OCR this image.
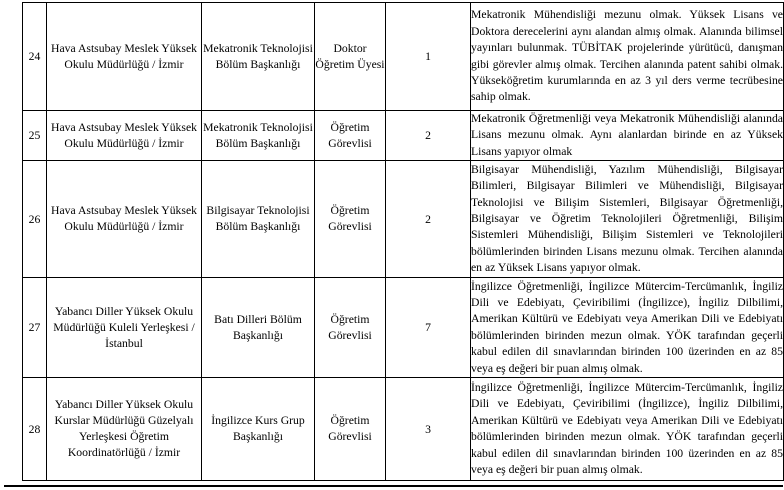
24	Hava Astsubay Meslek Yüksek Okulu Müdürlüğü / İzmir	Mekatronik Teknolojisi Bölüm Başkanlığı	Doktor Öğretim Üyesi	1	Mekatronik Mühendisliği mezunu olmak. Yüksek Lisans ve Doktora derecelerini aynı alandan almış olmak. Alanında bilimsel yayınları bulunmak. TÜBİTAK projelerinde yürütücü, danışman gibi görevler almış olmak. Tercihen alanında patent sahibi olmak. Yükseköğretim kurumlarında en az 3 yıl ders verme tecrübesine sahip olmak.
25	Hava Astsubay Meslek Yüksek Okulu Müdürlüğü / İzmir	Mekatronik Teknolojisi Bölüm Başkanlığı	Öğretim Görevlisi	2	Mekatronik Öğretmenliği veya Mekatronik Mühendisliği alanında Lisans mezunu olmak. Aynı alanlardan birinde en az Yüksek Lisans yapıyor olmak
26	Hava Astsubay Meslek Yüksek Okulu Müdürlüğü / İzmir	Bilgisayar Teknolojisi Bölüm Başkanlığı	Öğretim Görevlisi	2	Bilgisayar Mühendisliği, Yazılım Mühendisliği, Bilgisayar Bilimleri, Bilgisayar Bilimleri ve Mühendisliği, Bilgisayar Teknolojisi ve Bilişim Sistemleri, Bilgisayar Öğretmenliği, Bilgisayar ve Öğretim Teknolojileri Öğretmenliği, Bilişim Sistemleri Mühendisliği, Bilişim Sistemleri ve Teknolojileri bölümlerinden birinden Lisans mezunu olmak. Tercihen alanında en az Yüksek Lisans yapıyor olmak.
27	Yabancı Diller Yüksek Okulu Müdürlüğü Kuleli Yerleşkesi / İstanbul	Batı Dilleri Bölüm Başkanlığı	Öğretim Görevlisi	7	İngilizce Öğretmenliği, İngilizce Mütercim-Tercümanlık, İngiliz Dili ve Edebiyatı, Çeviribilimi (İngilizce), İngiliz Dilbilimi, Amerikan Kültürü ve Edebiyatı veya Amerikan Dili ve Edebiyatı bölümlerinden birinden mezun olmak. YÖK tarafından geçerli kabul edilen dil sınavlarından birinden 100 üzerinden en az 85 veya eş değeri bir puan almış olmak.
28	Yabancı Diller Yüksek Okulu Kurslar Müdürlüğü Güzelyalı Yerleşkesi Öğretim Koordinatörlüğü / İzmir	İngilizce Kurs Grup Başkanlığı	Öğretim Görevlisi	3	İngilizce Öğretmenliği, İngilizce Mütercim-Tercümanlık, İngiliz Dili ve Edebiyatı, Çeviribilimi (İngilizce), İngiliz Dilbilimi, Amerikan Kültürü ve Edebiyatı veya Amerikan Dili ve Edebiyatı bölümlerinden birinden mezun olmak. YÖK tarafından geçerli kabul edilen dil sınavlarından birinden 100 üzerinden en az 85 veya eş değeri bir puan almış olmak.
